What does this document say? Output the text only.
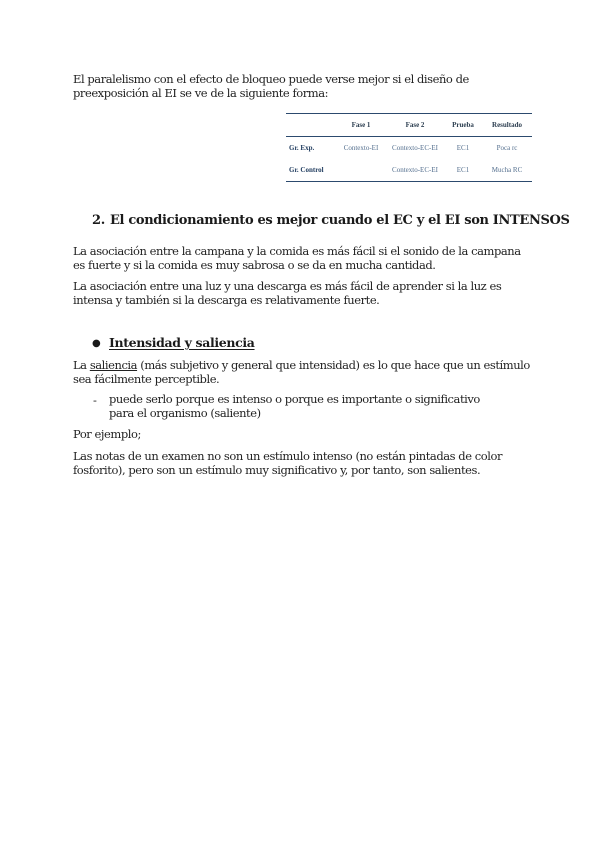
El paralelismo con el efecto de bloqueo puede verse mejor si el diseño de preexposición al EI se ve de la siguiente forma:

	Fase 1	Fase 2	Prueba	Resultado
Gr. Exp.	Contexto-EI	Contexto-EC-EI	EC1	Poca rc
Gr. Control		Contexto-EC-EI	EC1	Mucha RC
2. El condicionamiento es mejor cuando el EC y el EI son INTENSOS

La asociación entre la campana y la comida es más fácil si el sonido de la campana es fuerte y si la comida es muy sabrosa o se da en mucha cantidad.

La asociación entre una luz y una descarga es más fácil de aprender si la luz es intensa y también si la descarga es relativamente fuerte.

● Intensidad y saliencia

La saliencia (más subjetivo y general que intensidad) es lo que hace que un estímulo sea fácilmente perceptible.

- puede serlo porque es intenso o porque es importante o significativo para el organismo (saliente)

Por ejemplo;

Las notas de un examen no son un estímulo intenso (no están pintadas de color fosforito), pero son un estímulo muy significativo y, por tanto, son salientes.
